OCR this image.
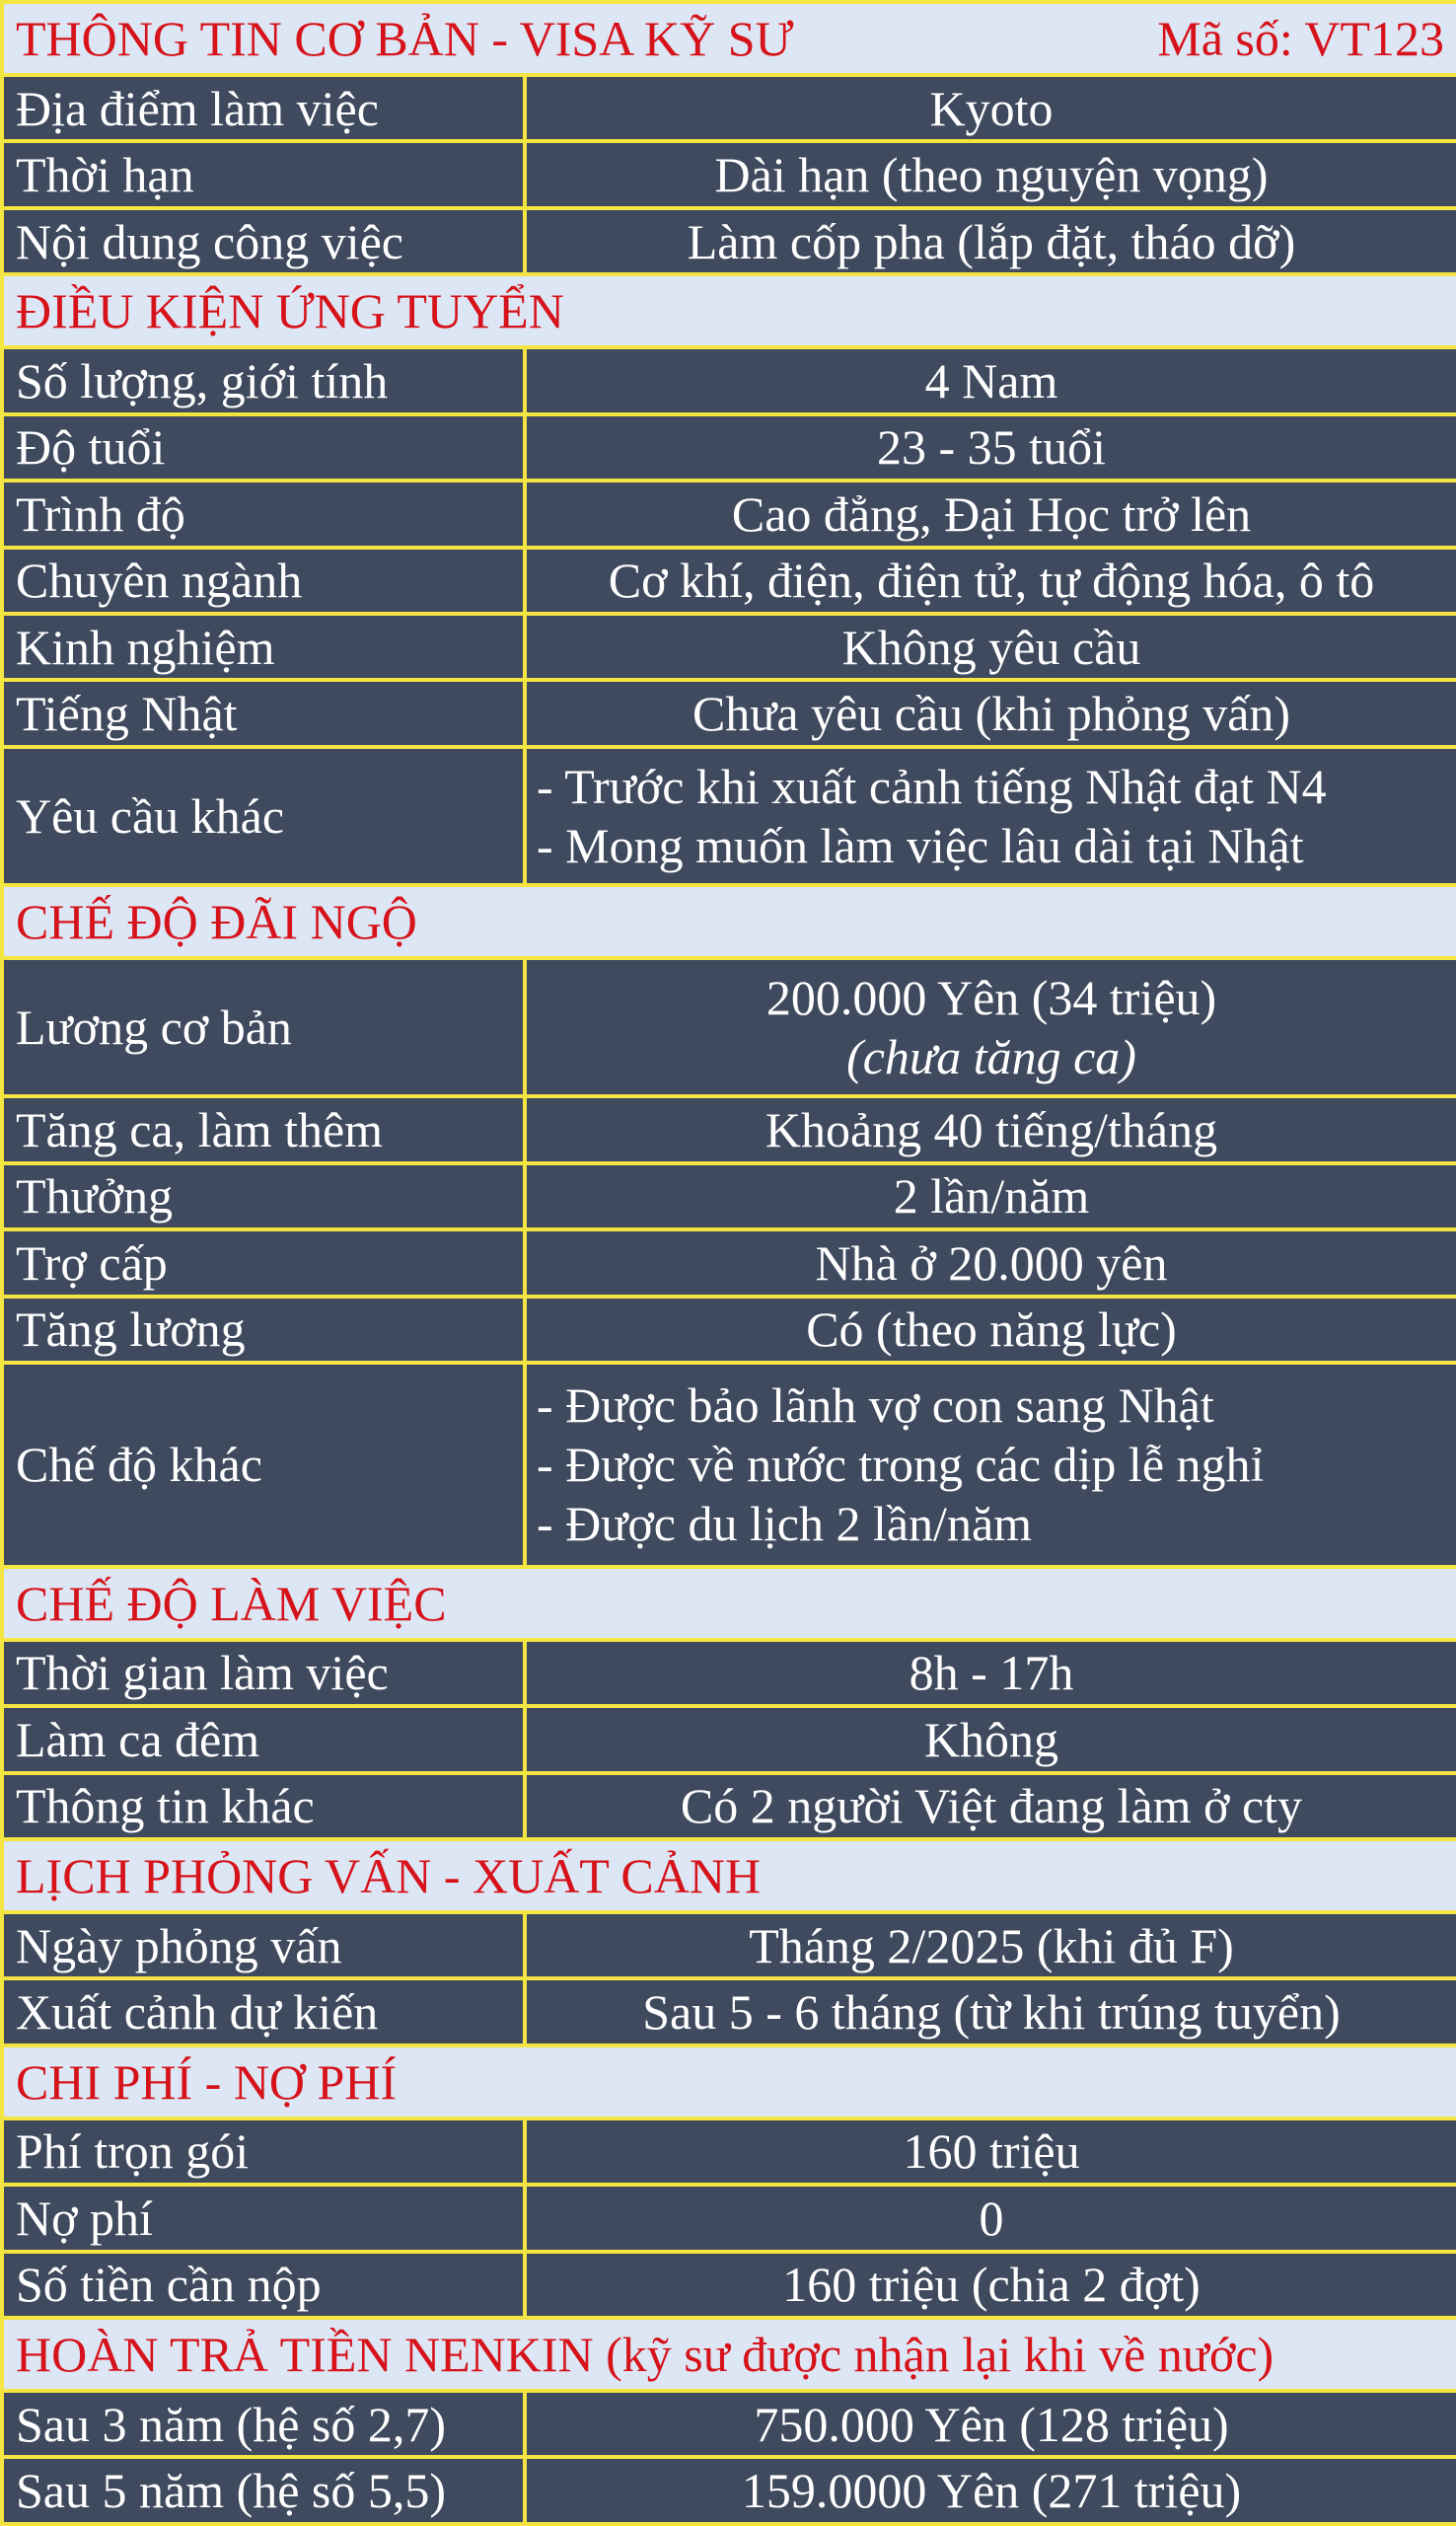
THÔNG TIN CƠ BẢN - VISA KỸ SƯ Mã số: VT123	

Địa điểm làm việc	Kyoto
Thời hạn	Dài hạn (theo nguyện vọng)
Nội dung công việc	Làm cốp pha (lắp đặt, tháo dỡ)
ĐIỀU KIỆN ỨNG TUYỂN	
Số lượng, giới tính	4 Nam
Độ tuổi	23 - 35 tuổi
Trình độ	Cao đẳng, Đại Học trở lên
Chuyên ngành	Cơ khí, điện, điện tử, tự động hóa, ô tô
Kinh nghiệm	Không yêu cầu
Tiếng Nhật	Chưa yêu cầu (khi phỏng vấn)
Yêu cầu khác	- Trước khi xuất cảnh tiếng Nhật đạt N4
- Mong muốn làm việc lâu dài tại Nhật

CHẾ ĐỘ ĐÃI NGỘ	
Lương cơ bản	200.000 Yên (34 triệu)
(chưa tăng ca)

Tăng ca, làm thêm	Khoảng 40 tiếng/tháng
Thưởng	2 lần/năm
Trợ cấp	Nhà ở 20.000 yên
Tăng lương	Có (theo năng lực)
Chế độ khác	- Được bảo lãnh vợ con sang Nhật
- Được về nước trong các dịp lễ nghỉ
- Được du lịch 2 lần/năm

CHẾ ĐỘ LÀM VIỆC	
Thời gian làm việc	8h - 17h
Làm ca đêm	Không
Thông tin khác	Có 2 người Việt đang làm ở cty
LỊCH PHỎNG VẤN - XUẤT CẢNH	
Ngày phỏng vấn	Tháng 2/2025 (khi đủ F)
Xuất cảnh dự kiến	Sau 5 - 6 tháng (từ khi trúng tuyển)
CHI PHÍ - NỢ PHÍ	
Phí trọn gói	160 triệu
Nợ phí	0
Số tiền cần nộp	160 triệu (chia 2 đợt)
HOÀN TRẢ TIỀN NENKIN (kỹ sư được nhận lại khi về nước)	
Sau 3 năm (hệ số 2,7)	750.000 Yên (128 triệu)
Sau 5 năm (hệ số 5,5)	159.0000 Yên (271 triệu)
